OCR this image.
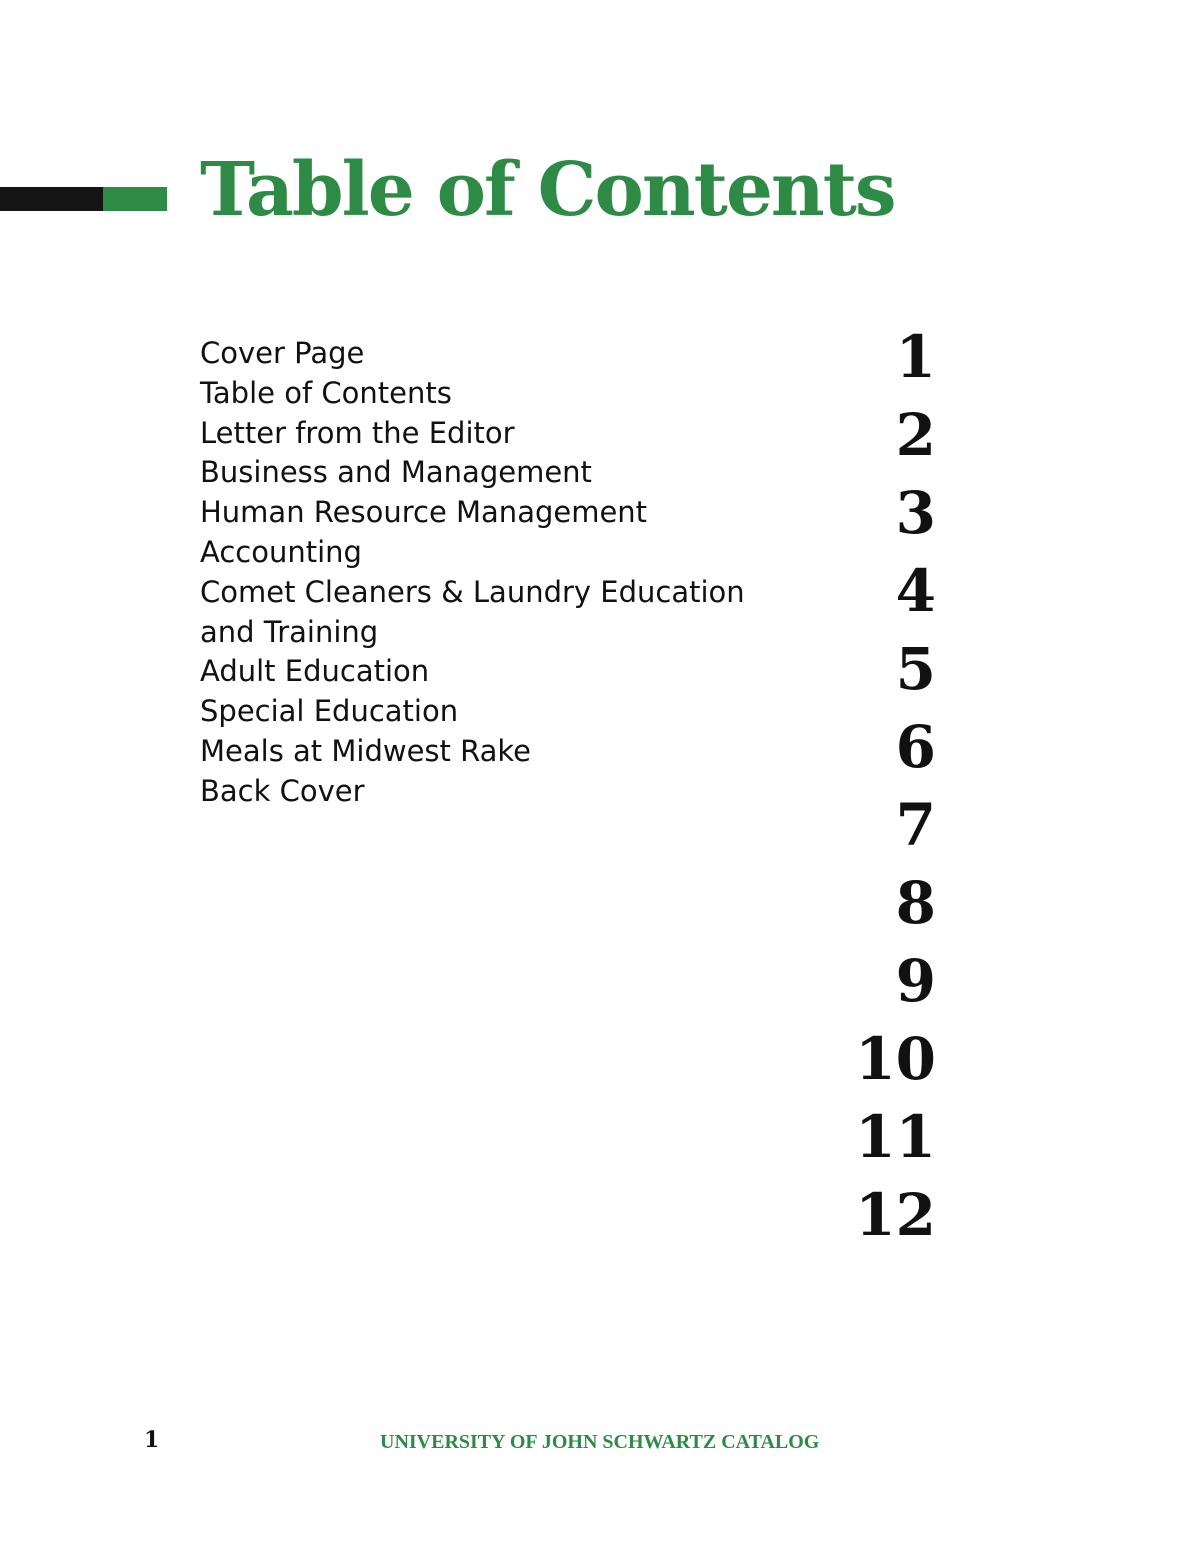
Table of Contents
Cover Page
Table of Contents
Letter from the Editor
Business and Management
Human Resource Management
Accounting
Comet Cleaners & Laundry Education
and Training
Adult Education
Special Education
Meals at Midwest Rake
Back Cover
1
2
3
4
5
6
7
8
9
10
11
12
1	UNIVERSITY OF JOHN SCHWARTZ CATALOG
